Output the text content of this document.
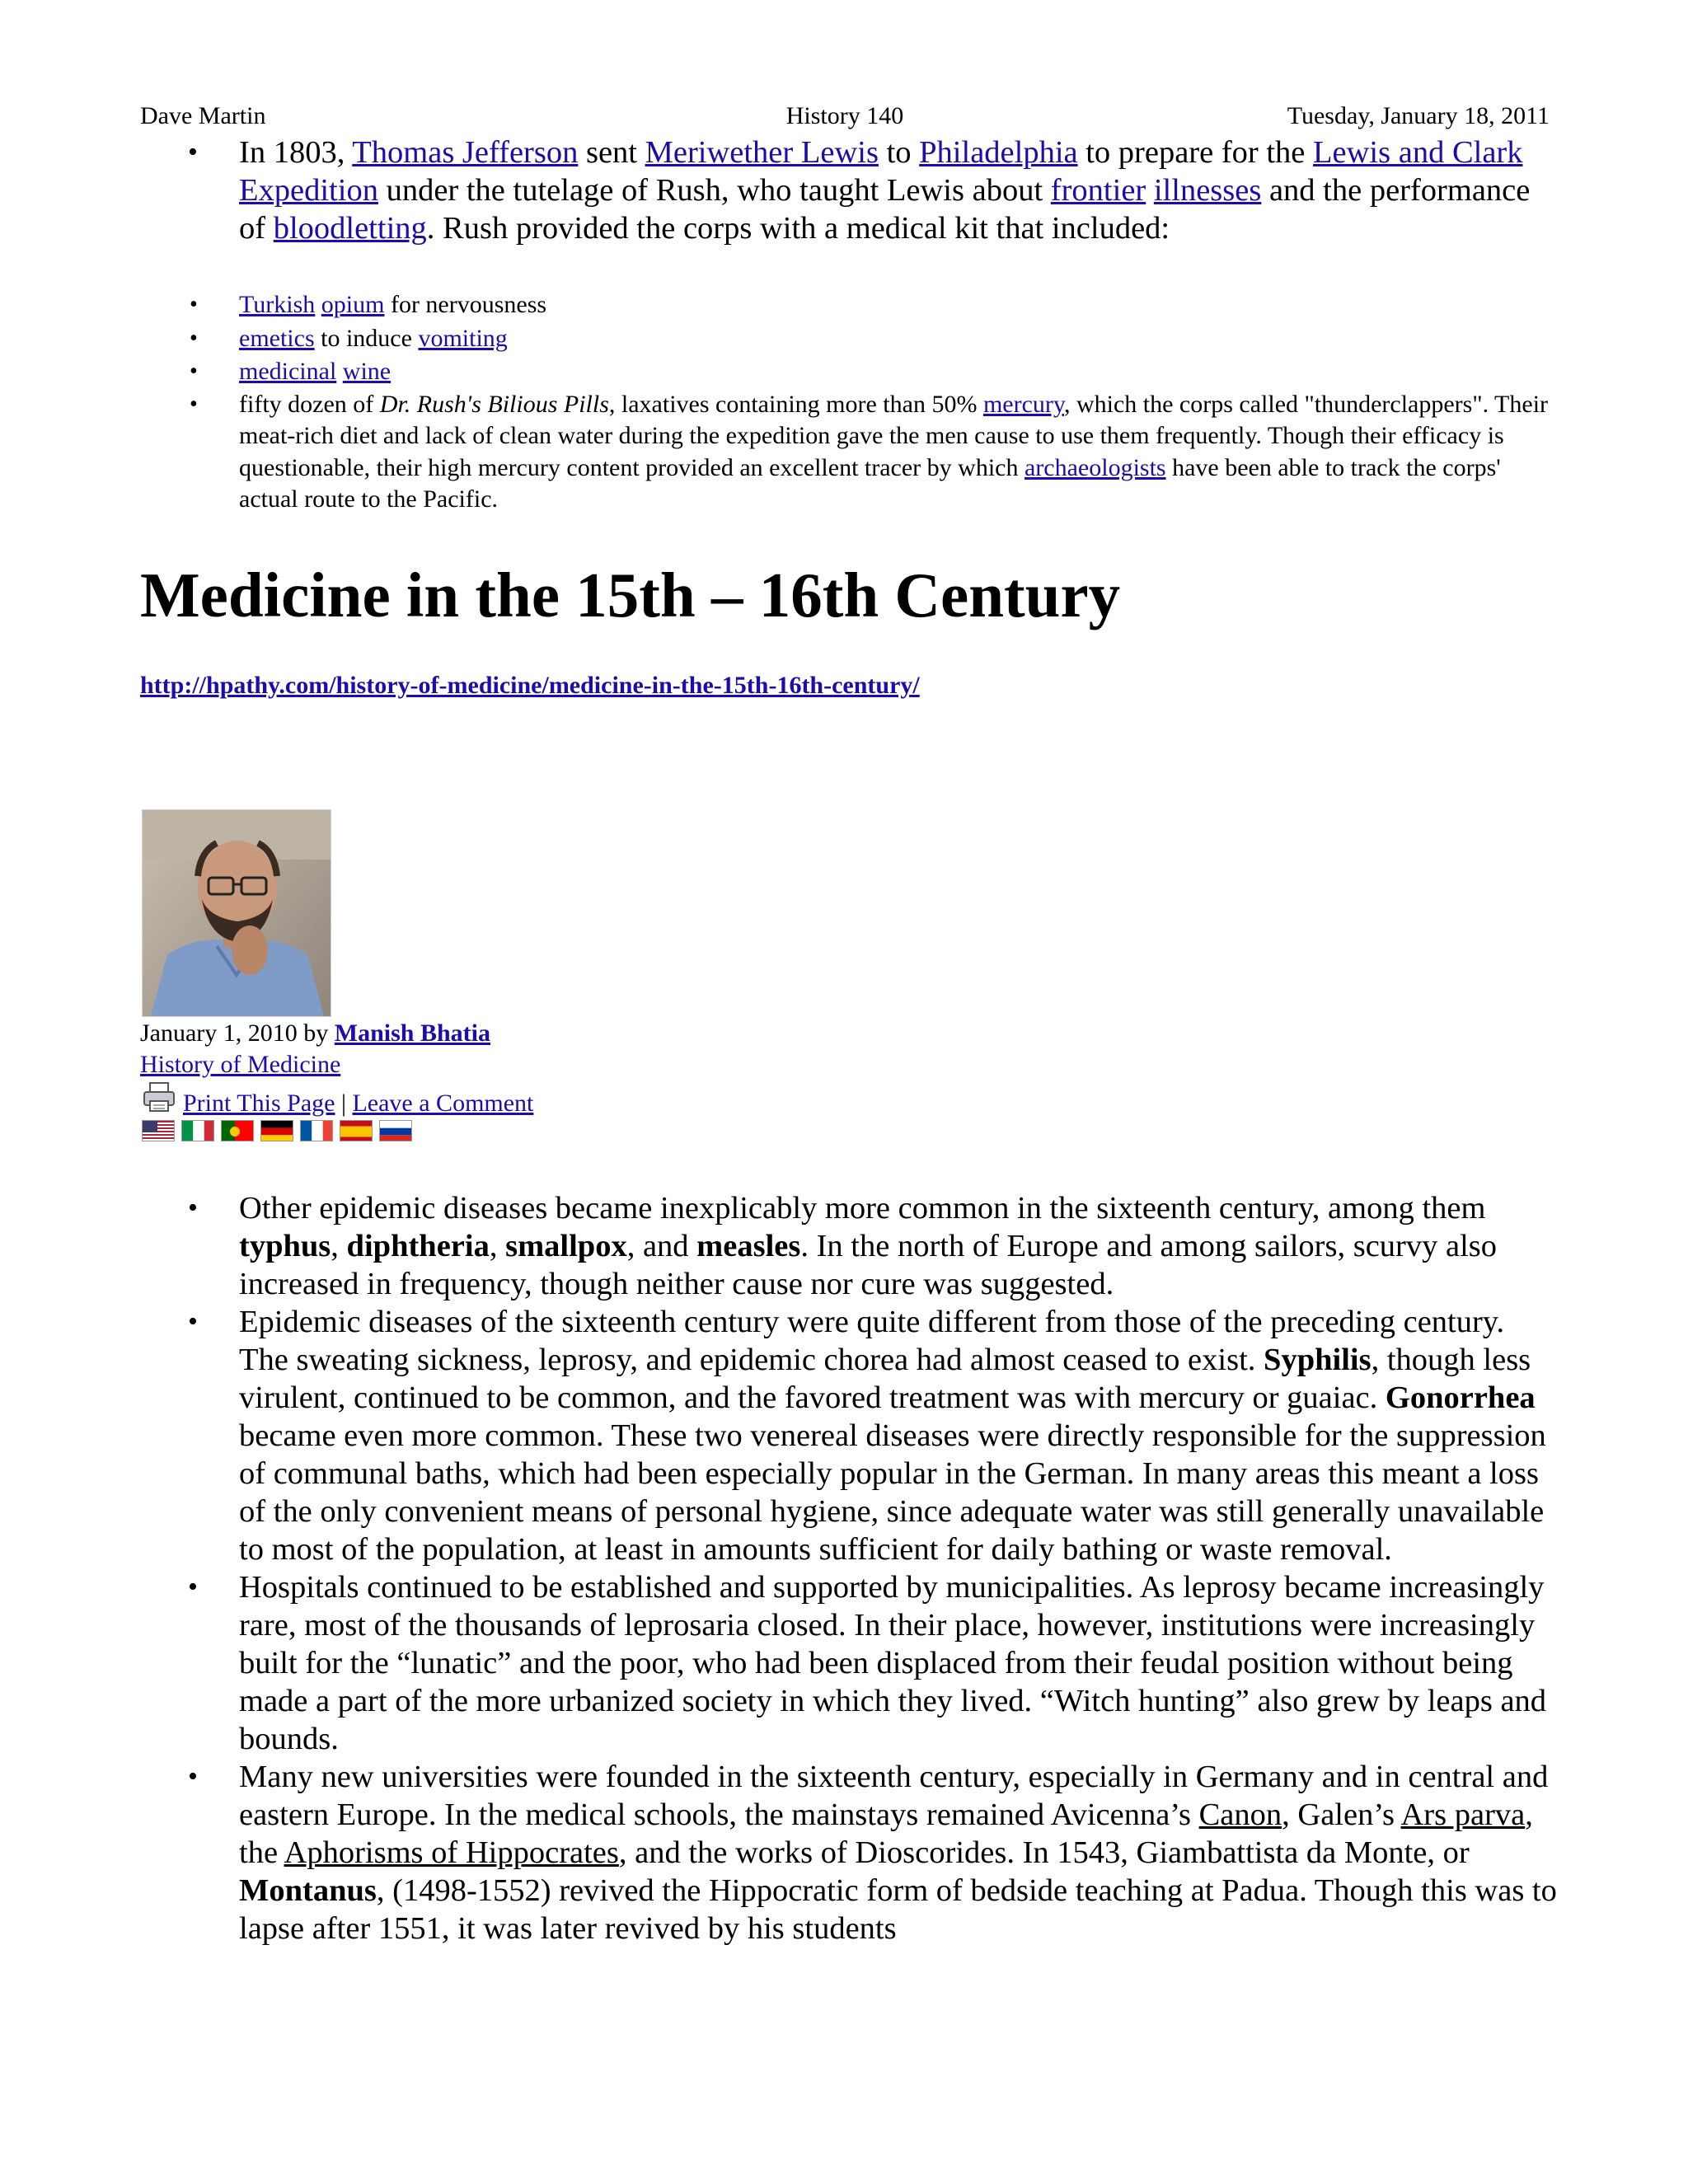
Dave Martin	History 140	Tuesday, January 18, 2011
• In 1803, Thomas Jefferson sent Meriwether Lewis to Philadelphia to prepare for the Lewis and Clark Expedition under the tutelage of Rush, who taught Lewis about frontier illnesses and the performance of bloodletting. Rush provided the corps with a medical kit that included:
• Turkish opium for nervousness
• emetics to induce vomiting
• medicinal wine
• fifty dozen of Dr. Rush's Bilious Pills, laxatives containing more than 50% mercury, which the corps called "thunderclappers". Their meat-rich diet and lack of clean water during the expedition gave the men cause to use them frequently. Though their efficacy is questionable, their high mercury content provided an excellent tracer by which archaeologists have been able to track the corps' actual route to the Pacific.
Medicine in the 15th – 16th Century
http://hpathy.com/history-of-medicine/medicine-in-the-15th-16th-century/
January 1, 2010 by Manish Bhatia
History of Medicine
Print This Page | Leave a Comment
• Other epidemic diseases became inexplicably more common in the sixteenth century, among them typhus, diphtheria, smallpox, and measles. In the north of Europe and among sailors, scurvy also increased in frequency, though neither cause nor cure was suggested.
• Epidemic diseases of the sixteenth century were quite different from those of the preceding century. The sweating sickness, leprosy, and epidemic chorea had almost ceased to exist. Syphilis, though less virulent, continued to be common, and the favored treatment was with mercury or guaiac. Gonorrhea became even more common. These two venereal diseases were directly responsible for the suppression of communal baths, which had been especially popular in the German. In many areas this meant a loss of the only convenient means of personal hygiene, since adequate water was still generally unavailable to most of the population, at least in amounts sufficient for daily bathing or waste removal.
• Hospitals continued to be established and supported by municipalities. As leprosy became increasingly rare, most of the thousands of leprosaria closed. In their place, however, institutions were increasingly built for the “lunatic” and the poor, who had been displaced from their feudal position without being made a part of the more urbanized society in which they lived. “Witch hunting” also grew by leaps and bounds.
• Many new universities were founded in the sixteenth century, especially in Germany and in central and eastern Europe. In the medical schools, the mainstays remained Avicenna’s Canon, Galen’s Ars parva, the Aphorisms of Hippocrates, and the works of Dioscorides. In 1543, Giambattista da Monte, or Montanus, (1498-1552) revived the Hippocratic form of bedside teaching at Padua. Though this was to lapse after 1551, it was later revived by his students
